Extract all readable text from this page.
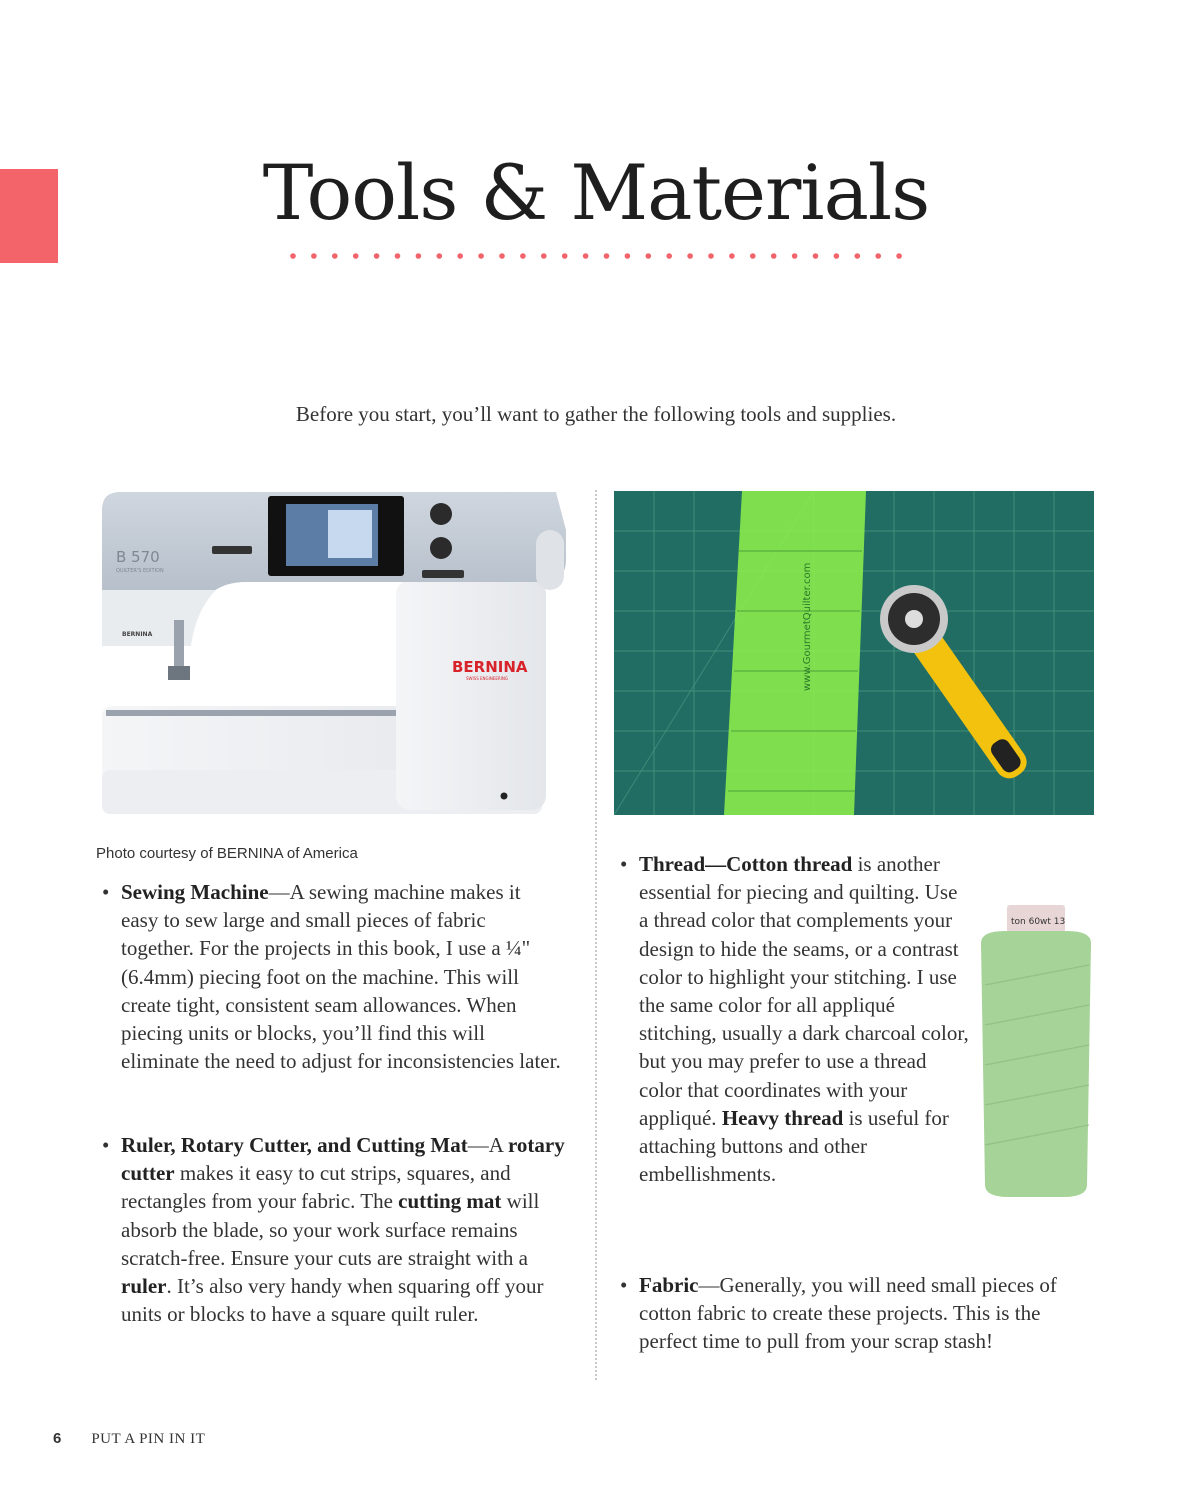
Tools & Materials
Before you start, you’ll want to gather the following tools and supplies.
B 570
QUILTER'S EDITION
BERNINA
BERNINA
SWISS ENGINEERING	www.GourmetQuilter.com
ton 60wt 13
Photo courtesy of BERNINA of America
• Sewing Machine—A sewing machine makes it easy to sew large and small pieces of fabric together. For the projects in this book, I use a ¼" (6.4mm) piecing foot on the machine. This will create tight, consistent seam allowances. When piecing units or blocks, you’ll find this will eliminate the need to adjust for inconsistencies later.
• Ruler, Rotary Cutter, and Cutting Mat—A rotary cutter makes it easy to cut strips, squares, and rectangles from your fabric. The cutting mat will absorb the blade, so your work surface remains scratch-free. Ensure your cuts are straight with a ruler. It’s also very handy when squaring off your units or blocks to have a square quilt ruler.
• Thread—Cotton thread is another essential for piecing and quilting. Use a thread color that complements your design to hide the seams, or a contrast color to highlight your stitching. I use the same color for all appliqué stitching, usually a dark charcoal color, but you may prefer to use a thread color that coordinates with your appliqué. Heavy thread is useful for attaching buttons and other embellishments.
• Fabric—Generally, you will need small pieces of cotton fabric to create these projects. This is the perfect time to pull from your scrap stash!
6 PUT A PIN IN IT
